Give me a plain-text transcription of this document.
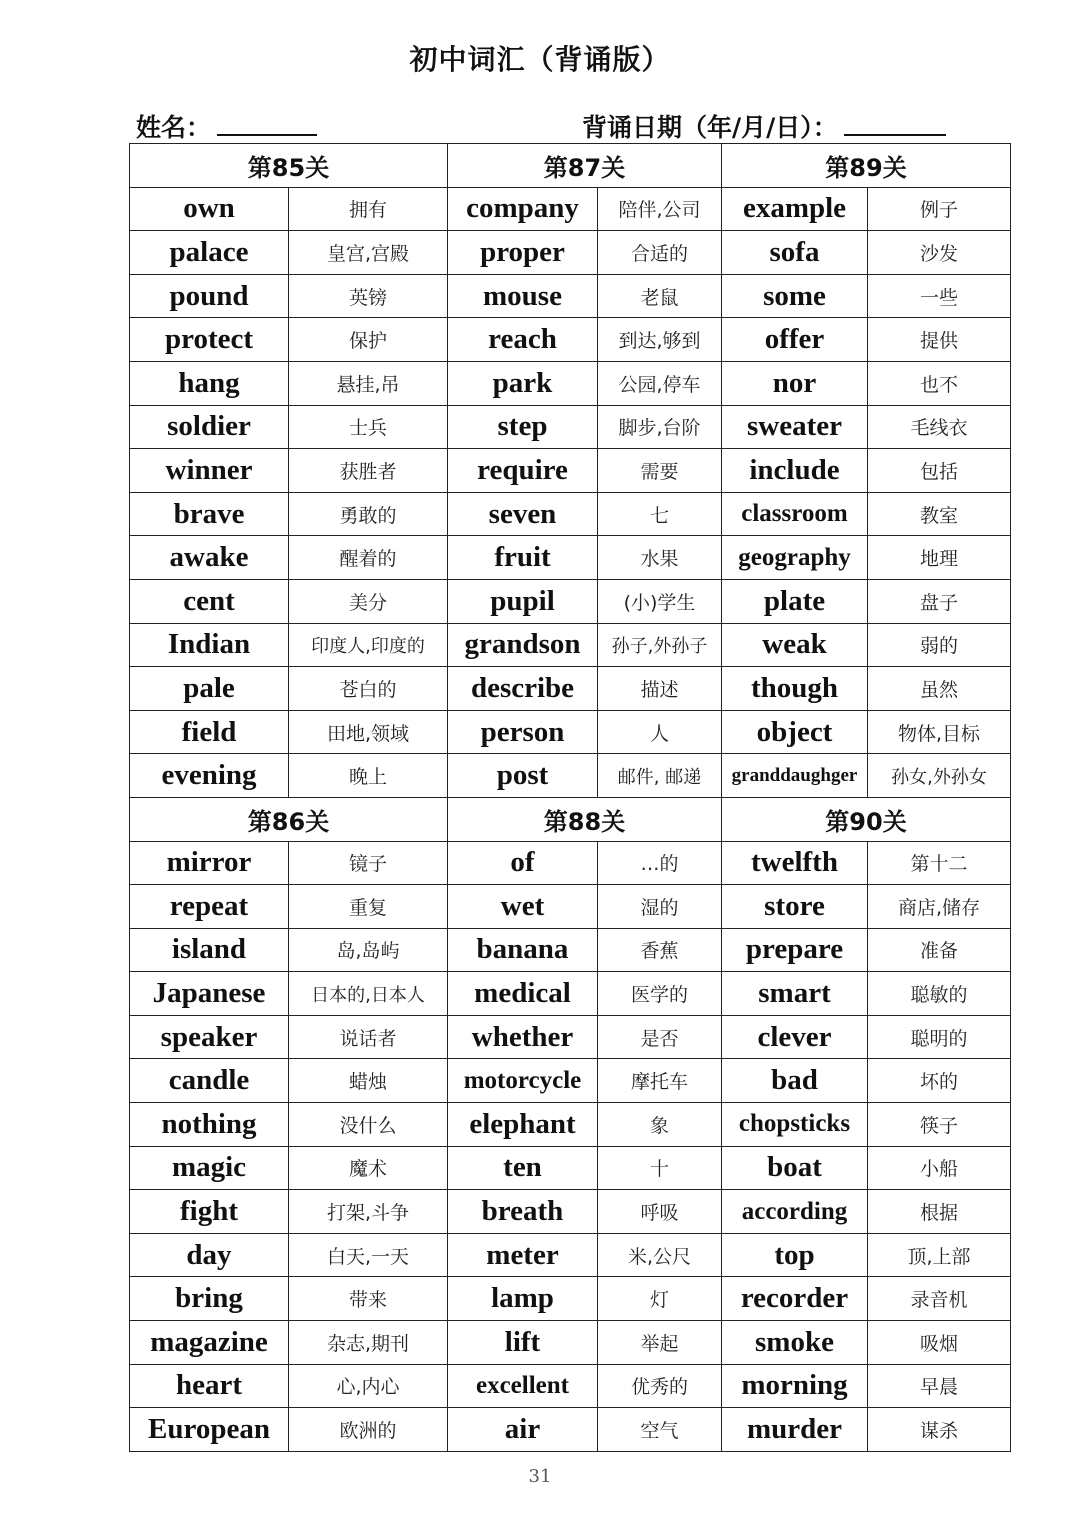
初中词汇（背诵版）
姓名：	背诵日期（年/月/日）：
第85关		第87关		第89关	
own	拥有	company	陪伴,公司	example	例子
palace	皇宫,宫殿	proper	合适的	sofa	沙发
pound	英镑	mouse	老鼠	some	一些
protect	保护	reach	到达,够到	offer	提供
hang	悬挂,吊	park	公园,停车	nor	也不
soldier	士兵	step	脚步,台阶	sweater	毛线衣
winner	获胜者	require	需要	include	包括
brave	勇敢的	seven	七	classroom	教室
awake	醒着的	fruit	水果	geography	地理
cent	美分	pupil	(小)学生	plate	盘子
Indian	印度人,印度的	grandson	孙子,外孙子	weak	弱的
pale	苍白的	describe	描述	though	虽然
field	田地,领域	person	人	object	物体,目标
evening	晚上	post	邮件, 邮递	granddaughger	孙女,外孙女
第86关		第88关		第90关	
mirror	镜子	of	…的	twelfth	第十二
repeat	重复	wet	湿的	store	商店,储存
island	岛,岛屿	banana	香蕉	prepare	准备
Japanese	日本的,日本人	medical	医学的	smart	聪敏的
speaker	说话者	whether	是否	clever	聪明的
candle	蜡烛	motorcycle	摩托车	bad	坏的
nothing	没什么	elephant	象	chopsticks	筷子
magic	魔术	ten	十	boat	小船
fight	打架,斗争	breath	呼吸	according	根据
day	白天,一天	meter	米,公尺	top	顶,上部
bring	带来	lamp	灯	recorder	录音机
magazine	杂志,期刊	lift	举起	smoke	吸烟
heart	心,内心	excellent	优秀的	morning	早晨
European	欧洲的	air	空气	murder	谋杀
31
